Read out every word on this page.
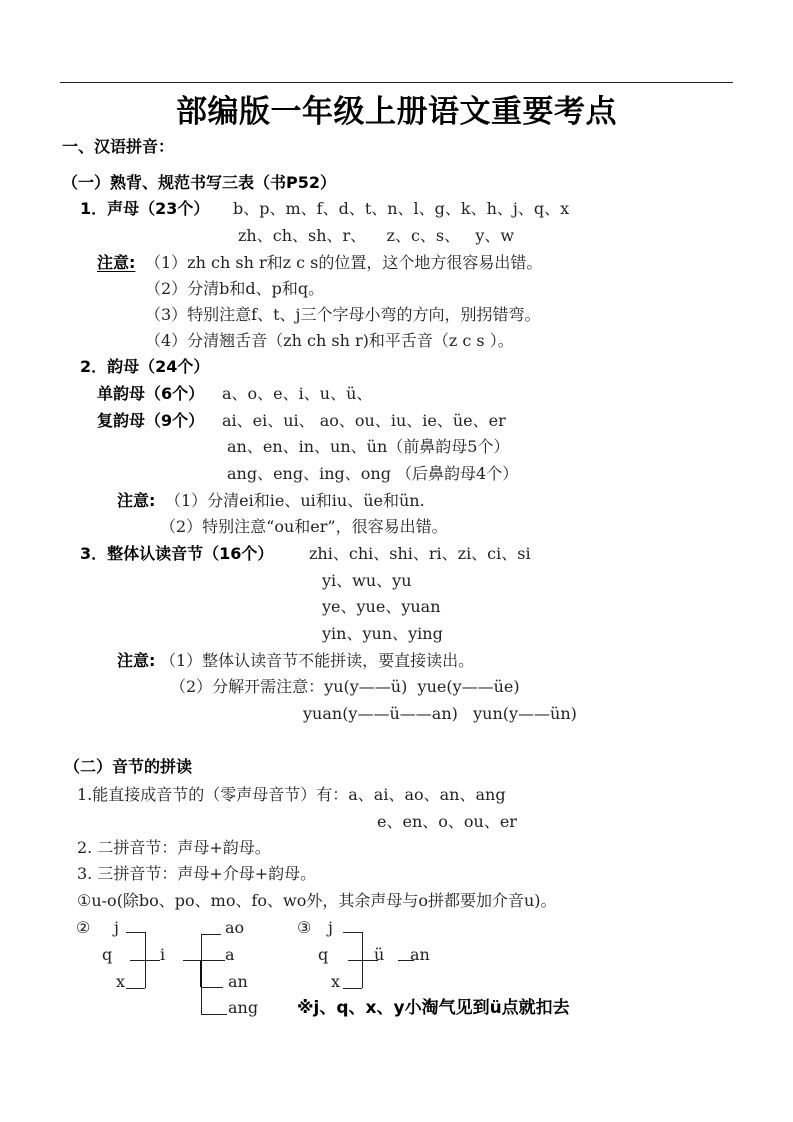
部编版一年级上册语文重要考点
一、汉语拼音：
（一）熟背、规范书写三表（书P52）
1．声母（23个） b、p、m、f、d、t、n、l、g、k、h、j、q、x
zh、ch、sh、r、    z、c、s、   y、w
注意: （1）zh ch sh r和z c s的位置，这个地方很容易出错。
（2）分清b和d、p和q。
（3）特别注意f、t、j三个字母小弯的方向，别拐错弯。
（4）分清翘舌音（zh ch sh r)和平舌音（z c s ）。
2．韵母（24个）
单韵母（6个） a、o、e、i、u、ü、
复韵母（9个） ai、ei、ui、 ao、ou、iu、ie、üe、er
an、en、in、un、ün（前鼻韵母5个）
ang、eng、ing、ong （后鼻韵母4个）
注意: （1）分清ei和ie、ui和iu、üe和ün.
（2）特别注意“ou和er”，很容易出错。
3．整体认读音节（16个） zhi、chi、shi、ri、zi、ci、si
yi、wu、yu
ye、yue、yuan
yin、yun、ying
注意: （1）整体认读音节不能拼读，要直接读出。
（2）分解开需注意：yu(y——ü)  yue(y——üe)
yuan(y——ü——an)   yun(y——ün)
（二）音节的拼读
1.能直接成音节的（零声母音节）有：a、ai、ao、an、ang
e、en、o、ou、er
2. 二拼音节：声母+韵母。
3. 三拼音节：声母+介母+韵母。
①u-o(除bo、po、mo、fo、wo外，其余声母与o拼都要加介音u)。
② j
q
x
i
ao
a
an
ang
③ j
q
x
ü an
※j、q、x、y小淘气见到ü点就扣去
